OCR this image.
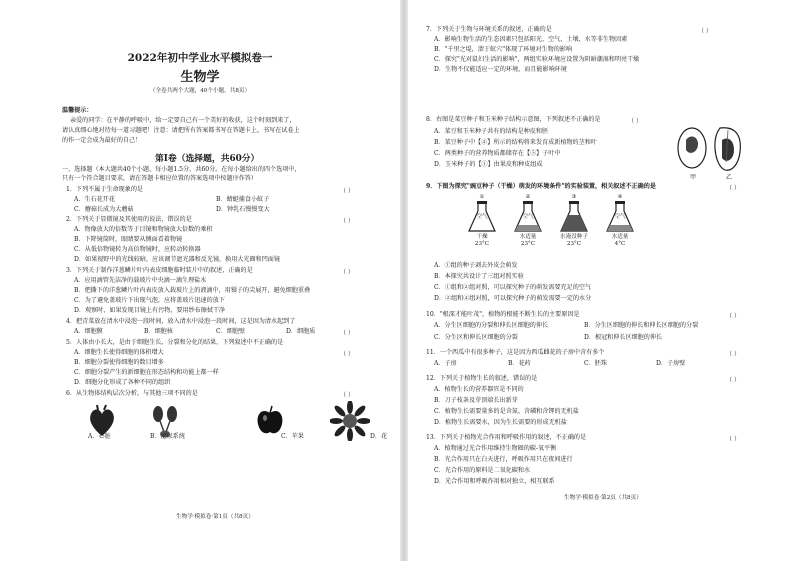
2022年初中学业水平模拟卷一
生物学
（全卷共两个大题，40个小题，共8页）
温馨提示：
亲爱的同学：在平静的呼吸中，给一定要自己有一个美好的收获，这个时刻到来了，
请认真细心地对待每一道习题吧！注意：请把所有答案都书写在答题卡上，书写在试卷上
的作一定会成为最好的自己！
第Ⅰ卷（选择题，共60分）
一、选择题（本大题共40个小题，每小题1.5分，共60分。在每小题给出的四个选项中，
只有一个符合题目要求，请在答题卡相应位置的答案选项中按题序作答）
1．下列不属于生命现象的是	（ ）
A．生石花开花	B．蜻蜓捕食小蚊子
C．蘑菇长成为大蘑菇	D．钟乳石慢慢变大
2．下列关于显微镜及其使用的说法，错误的是	（ ）
A．物像放大的倍数等于目镜和物镜放大倍数的乘积
B．下降镜筒时，眼睛要从侧面看着物镜
C．从低倍物镜转为高倍物镜时，应转动转换器
D．如果视野中的光线较暗，应该调节遮光器和反光镜，换用大光圈和凹面镜
3．下列关于制作洋葱鳞片叶内表皮细胞临时装片中的叙述，正确的是	（ ）
A．应用滴管先洁净的载玻片中央滴一滴生理盐水
B．把撕下的洋葱鳞片叶内表皮放入载玻片上的液滴中，用镊子的尖展开，避免细胞重叠
C．为了避免盖玻片下出现气泡，应将盖玻片迅速的放下
D．观察时，如果发现目镜上有污物，要用纱布擦拭干净
4．把青菜放在清水中浸泡一段时间，放入清水中浸泡一段时间，这是因为清水起到了
（ ）
A．细胞膜	B．细胞核	C．细胞壁	D．细胞质
5．人体由小长大，是由于细胞生长、分裂和分化的结果，下列叙述中不正确的是
（ ）
A．细胞生长使得细胞的体积增大
B．细胞分裂使得细胞的数目增多
C．细胞分裂产生的新细胞在形态结构和功能上都一样
D．细胞分化形成了各种不同的组织
6．从生物体结构层次分析，与其他三项不同的是	（ ）
A．心脏	B．泌尿系统	C．苹果	D．花
生物学·模拟卷·第1页（共8页）
7．下列关于生物与环境关系的叙述，正确的是	（ ）
A．影响生物生活的生态因素只包括阳光、空气、土壤、水等非生物因素
B．"千里之堤，溃于蚁穴"体现了环境对生物的影响
C．探究"光对鼠妇生活的影响"，两组实验环境应设置为阴暗潮湿和明亮干燥
D．生物不仅能适应一定的环境，而且能影响环境
8．右图是菜豆种子和玉米种子结构示意图，下列叙述不正确的是	（ ）
A．菜豆和玉米种子共有的结构是种皮和胚
B．菜豆种子中【④】所示的结构将来发育成新植物的茎和叶
C．两类种子的营养物质都储存在【⑤】子叶中
D．玉米种子的【①】由果皮和种皮组成
甲	乙
9．下图为探究"豌豆种子（干燥）萌发的环境条件"的实验装置，相关叙述不正确的是	（ ）
①
空气
干燥
23°C
②
空气
水适量
23°C
③
水淹没种子
23°C
④
空气
水适量
4°C
A．①组的种子剥去外皮会萌发
B．本探究共设计了三组对照实验
C．①组和②组对照，可以探究种子的萌发需要充足的空气
D．②组和④组对照，可以探究种子的萌发需要一定的水分
10．"根深才能叶茂"，植物的根能不断生长的主要原因是	（ ）
A．分生区细胞的分裂和伸长区细胞的伸长	B．分生区细胞的伸长和伸长区细胞的分裂
C．分生区和伸长区细胞的分裂	D．根冠和伸长区细胞的伸长
11．一个西瓜中有很多种子，这是因为西瓜雌花的子房中含有多个	（ ）
A．子房	B．花药	C．胚珠	D．子房壁
12．下列关于植物生长的叙述，错误的是	（ ）
A．植物生长的营养器官是不同的
B．刀子枝条及芽顶端长出新芽
C．植物生长需要量多的是含氮、含磷和含钾的无机盐
D．植物生长需要水，因为生长需要的形成无机盐
13．下列关于植物光合作用和呼吸作用的叙述，不正确的是	（ ）
A．植物通过光合作用维持生物圈的碳-氧平衡
B．光合作用只在白天进行，呼吸作用只在夜间进行
C．光合作用的原料是二氧化碳和水
D．光合作用和呼吸作用相对独立，相互联系
生物学·模拟卷·第2页（共8页）
